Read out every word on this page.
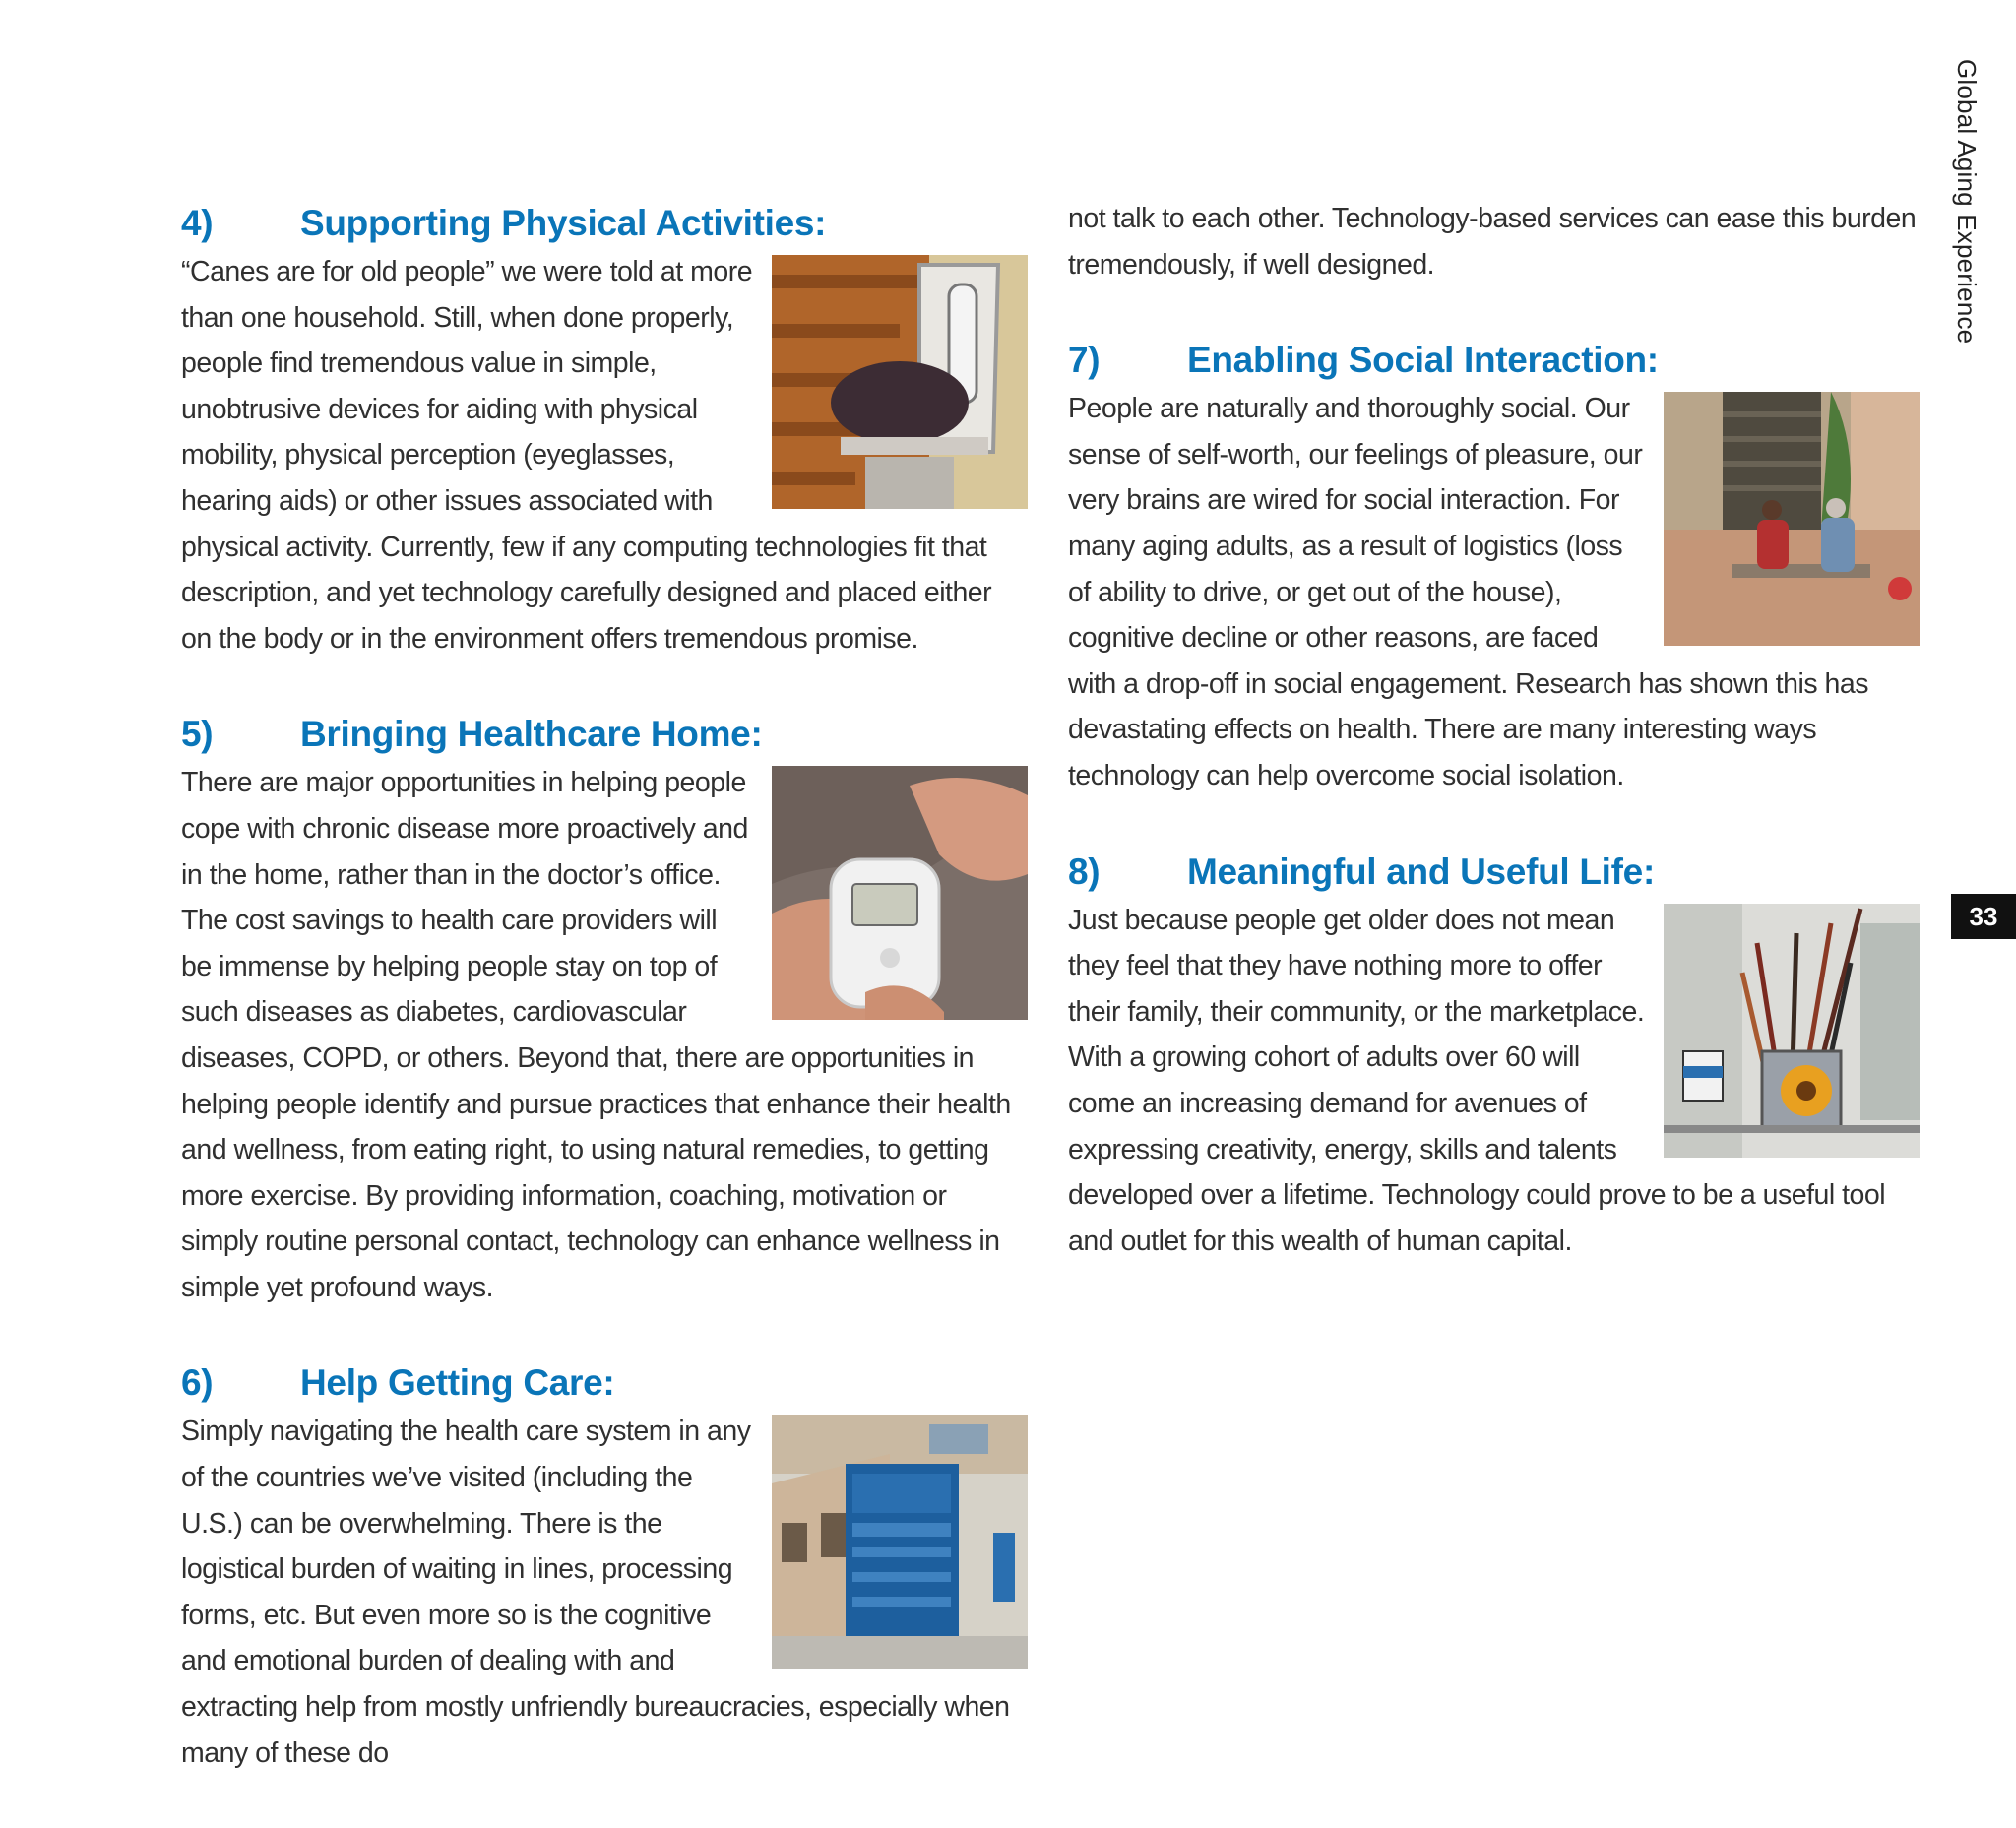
4)	Supporting Physical Activities:

“Canes are for old people” we were told at more than one household. Still, when done properly, people find tremendous value in simple, unobtrusive devices for aiding with physical mobility, physical perception (eyeglasses, hearing aids) or other issues associated with physical activity. Currently, few if any computing technologies fit that description, and yet technology carefully designed and placed either on the body or in the environment offers tremendous promise.

5)	Bringing Healthcare Home:

There are major opportunities in helping people cope with chronic disease more proactively and in the home, rather than in the doctor’s office. The cost savings to health care providers will be immense by helping people stay on top of such diseases as diabetes, cardiovascular diseases, COPD, or others. Beyond that, there are opportunities in helping people identify and pursue practices that enhance their health and wellness, from eating right, to using natural remedies, to getting more exercise. By providing information, coaching, motivation or simply routine personal contact, technology can enhance wellness in simple yet profound ways.

6)	Help Getting Care:

Simply navigating the health care system in any of the countries we’ve visited (including the U.S.) can be overwhelming. There is the logistical burden of waiting in lines, processing forms, etc. But even more so is the cognitive and emotional burden of dealing with and extracting help from mostly unfriendly bureaucracies, especially when many of these do

not talk to each other. Technology-based services can ease this burden tremendously, if well designed.

7)	Enabling Social Interaction:

People are naturally and thoroughly social. Our sense of self-worth, our feelings of pleasure, our very brains are wired for social interaction. For many aging adults, as a result of logistics (loss of ability to drive, or get out of the house), cognitive decline or other reasons, are faced with a drop-off in social engagement. Research has shown this has devastating effects on health. There are many interesting ways technology can help overcome social isolation.

8)	Meaningful and Useful Life:

Just because people get older does not mean they feel that they have nothing more to offer their family, their community, or the marketplace. With a growing cohort of adults over 60 will come an increasing demand for avenues of expressing creativity, energy, skills and talents developed over a lifetime. Technology could prove to be a useful tool and outlet for this wealth of human capital.

Global Aging Experience
33
